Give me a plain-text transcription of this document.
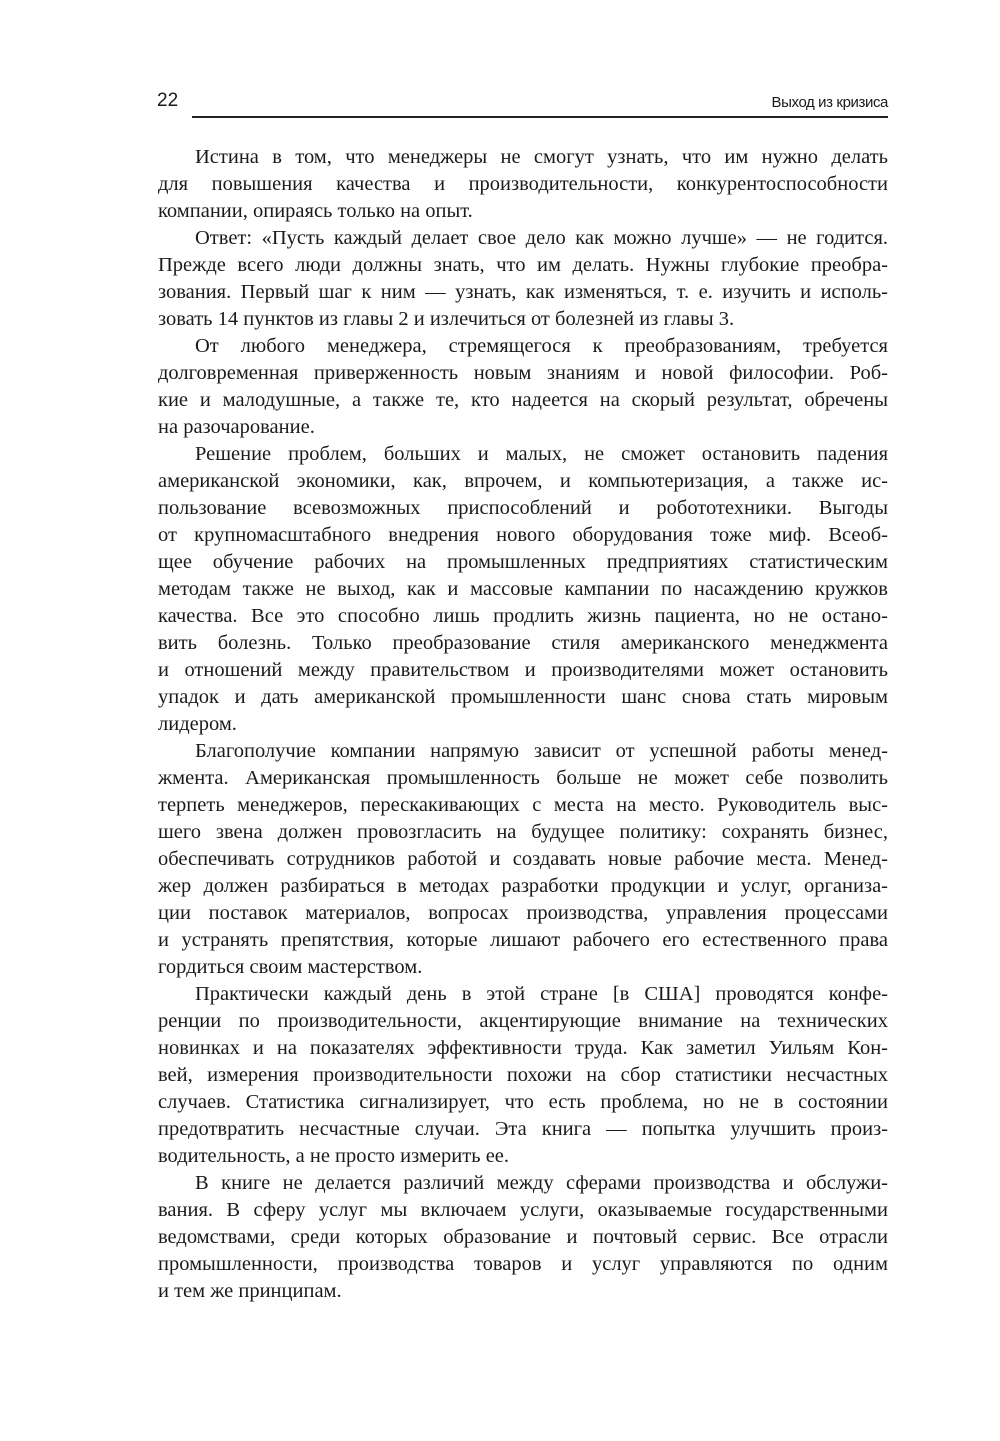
22	Выход из кризиса
Истина в том, что менеджеры не смогут узнать, что им нужно делать
для повышения качества и производительности, конкурентоспособности
компании, опираясь только на опыт.
Ответ: «Пусть каждый делает свое дело как можно лучше» — не годится.
Прежде всего люди должны знать, что им делать. Нужны глубокие преобра-
зования. Первый шаг к ним — узнать, как изменяться, т. е. изучить и исполь-
зовать 14 пунктов из главы 2 и излечиться от болезней из главы 3.
От любого менеджера, стремящегося к преобразованиям, требуется
долговременная приверженность новым знаниям и новой философии. Роб-
кие и малодушные, а также те, кто надеется на скорый результат, обречены
на разочарование.
Решение проблем, больших и малых, не сможет остановить падения
американской экономики, как, впрочем, и компьютеризация, а также ис-
пользование всевозможных приспособлений и робототехники. Выгоды
от крупномасштабного внедрения нового оборудования тоже миф. Всеоб-
щее обучение рабочих на промышленных предприятиях статистическим
методам также не выход, как и массовые кампании по насаждению кружков
качества. Все это способно лишь продлить жизнь пациента, но не остано-
вить болезнь. Только преобразование стиля американского менеджмента
и отношений между правительством и производителями может остановить
упадок и дать американской промышленности шанс снова стать мировым
лидером.
Благополучие компании напрямую зависит от успешной работы менед-
жмента. Американская промышленность больше не может себе позволить
терпеть менеджеров, перескакивающих с места на место. Руководитель выс-
шего звена должен провозгласить на будущее политику: сохранять бизнес,
обеспечивать сотрудников работой и создавать новые рабочие места. Менед-
жер должен разбираться в методах разработки продукции и услуг, организа-
ции поставок материалов, вопросах производства, управления процессами
и устранять препятствия, которые лишают рабочего его естественного права
гордиться своим мастерством.
Практически каждый день в этой стране [в США] проводятся конфе-
ренции по производительности, акцентирующие внимание на технических
новинках и на показателях эффективности труда. Как заметил Уильям Кон-
вей, измерения производительности похожи на сбор статистики несчастных
случаев. Статистика сигнализирует, что есть проблема, но не в состоянии
предотвратить несчастные случаи. Эта книга — попытка улучшить произ-
водительность, а не просто измерить ее.
В книге не делается различий между сферами производства и обслужи-
вания. В сферу услуг мы включаем услуги, оказываемые государственными
ведомствами, среди которых образование и почтовый сервис. Все отрасли
промышленности, производства товаров и услуг управляются по одним
и тем же принципам.
